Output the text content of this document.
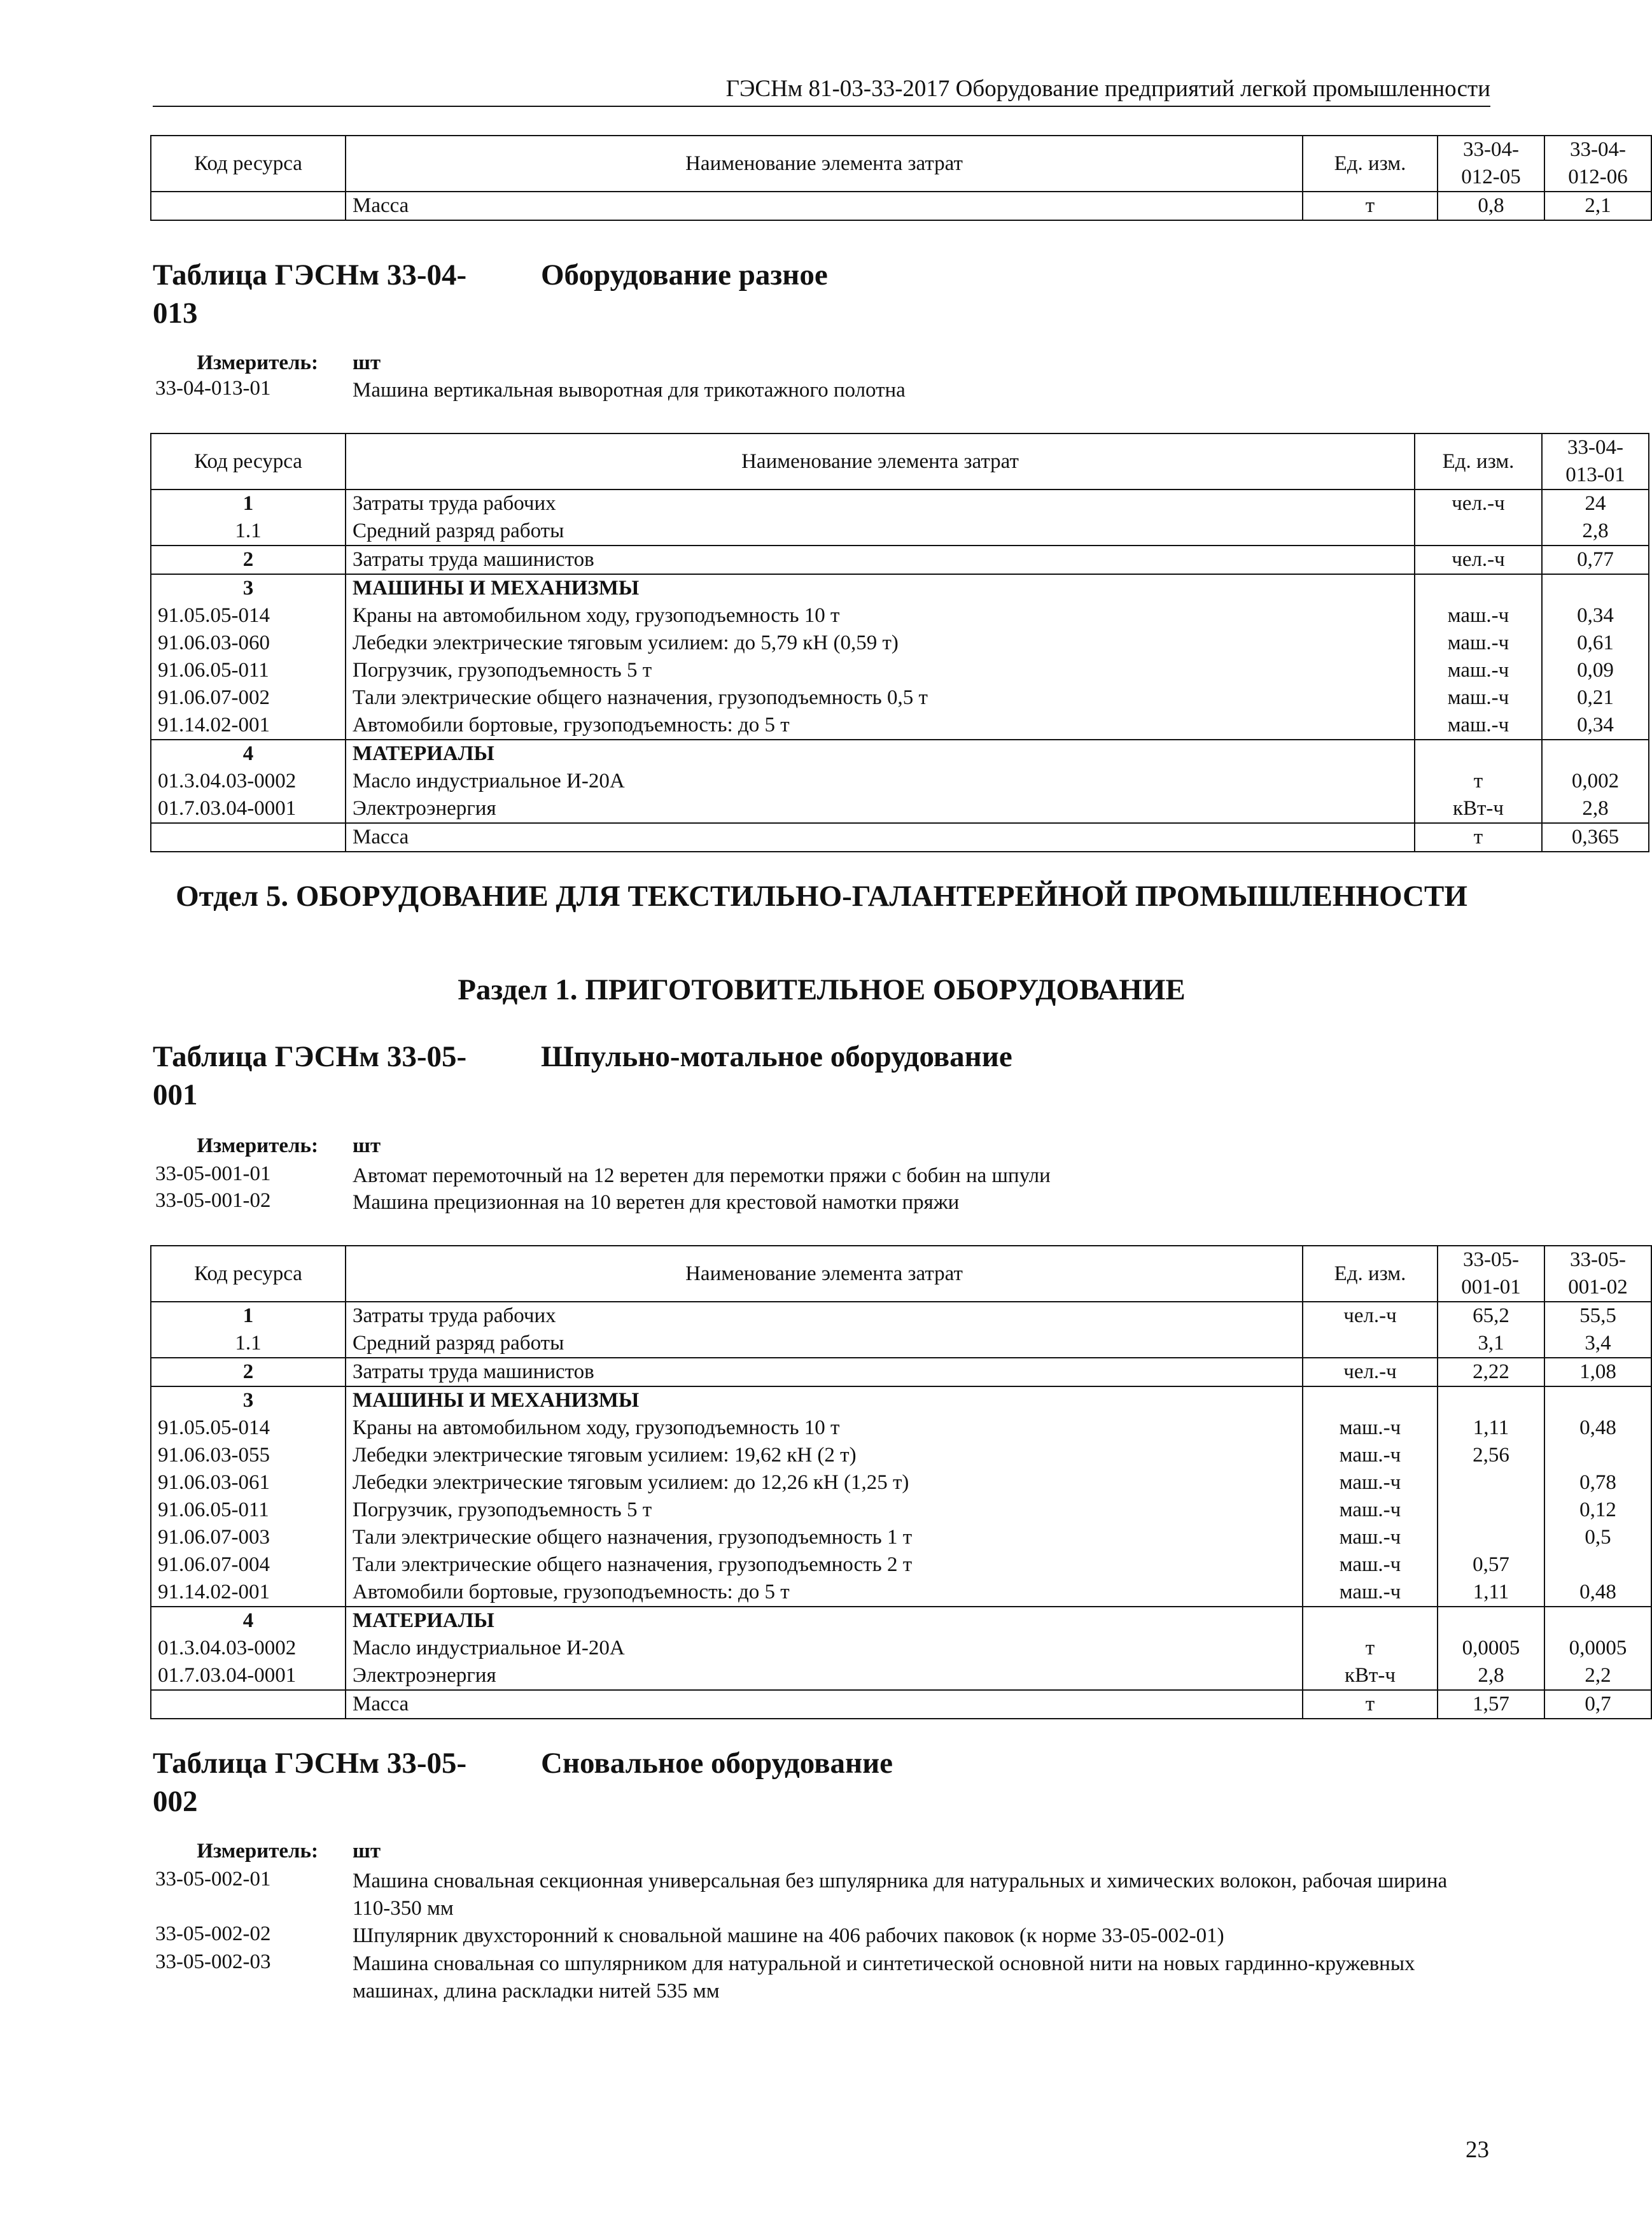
ГЭСНм 81-03-33-2017 Оборудование предприятий легкой промышленности
Код ресурса	Наименование элемента затрат	Ед. изм.	33-04-012-05	33-04-012-06
	Масса	т	0,8	2,1
Таблица ГЭСНм 33-04-013
Оборудование разное
Измеритель: шт
33-04-013-01	Машина вертикальная выворотная для трикотажного полотна
Код ресурса	Наименование элемента затрат	Ед. изм.	33-04-013-01
1	Затраты труда рабочих	чел.-ч	24
1.1	Средний разряд работы		2,8
2	Затраты труда машинистов	чел.-ч	0,77
3	МАШИНЫ И МЕХАНИЗМЫ		
91.05.05-014	Краны на автомобильном ходу, грузоподъемность 10 т	маш.-ч	0,34
91.06.03-060	Лебедки электрические тяговым усилием: до 5,79 кН (0,59 т)	маш.-ч	0,61
91.06.05-011	Погрузчик, грузоподъемность 5 т	маш.-ч	0,09
91.06.07-002	Тали электрические общего назначения, грузоподъемность 0,5 т	маш.-ч	0,21
91.14.02-001	Автомобили бортовые, грузоподъемность: до 5 т	маш.-ч	0,34
4	МАТЕРИАЛЫ		
01.3.04.03-0002	Масло индустриальное И-20А	т	0,002
01.7.03.04-0001	Электроэнергия	кВт-ч	2,8
	Масса	т	0,365
Отдел 5. ОБОРУДОВАНИЕ ДЛЯ ТЕКСТИЛЬНО-ГАЛАНТЕРЕЙНОЙ ПРОМЫШЛЕННОСТИ
Раздел 1. ПРИГОТОВИТЕЛЬНОЕ ОБОРУДОВАНИЕ
Таблица ГЭСНм 33-05-001
Шпульно-мотальное оборудование
Измеритель: шт
33-05-001-01	Автомат перемоточный на 12 веретен для перемотки пряжи с бобин на шпули
33-05-001-02	Машина прецизионная на 10 веретен для крестовой намотки пряжи
Код ресурса	Наименование элемента затрат	Ед. изм.	33-05-001-01	33-05-001-02
1	Затраты труда рабочих	чел.-ч	65,2	55,5
1.1	Средний разряд работы		3,1	3,4
2	Затраты труда машинистов	чел.-ч	2,22	1,08
3	МАШИНЫ И МЕХАНИЗМЫ			
91.05.05-014	Краны на автомобильном ходу, грузоподъемность 10 т	маш.-ч	1,11	0,48
91.06.03-055	Лебедки электрические тяговым усилием: 19,62 кН (2 т)	маш.-ч	2,56	
91.06.03-061	Лебедки электрические тяговым усилием: до 12,26 кН (1,25 т)	маш.-ч		0,78
91.06.05-011	Погрузчик, грузоподъемность 5 т	маш.-ч		0,12
91.06.07-003	Тали электрические общего назначения, грузоподъемность 1 т	маш.-ч		0,5
91.06.07-004	Тали электрические общего назначения, грузоподъемность 2 т	маш.-ч	0,57	
91.14.02-001	Автомобили бортовые, грузоподъемность: до 5 т	маш.-ч	1,11	0,48
4	МАТЕРИАЛЫ			
01.3.04.03-0002	Масло индустриальное И-20А	т	0,0005	0,0005
01.7.03.04-0001	Электроэнергия	кВт-ч	2,8	2,2
	Масса	т	1,57	0,7
Таблица ГЭСНм 33-05-002
Сновальное оборудование
Измеритель: шт
33-05-002-01	Машина сновальная секционная универсальная без шпулярника для натуральных и химических волокон, рабочая ширина 110-350 мм
33-05-002-02	Шпулярник двухсторонний к сновальной машине на 406 рабочих паковок (к норме 33-05-002-01)
33-05-002-03	Машина сновальная со шпулярником для натуральной и синтетической основной нити на новых гардинно-кружевных машинах, длина раскладки нитей 535 мм
23
